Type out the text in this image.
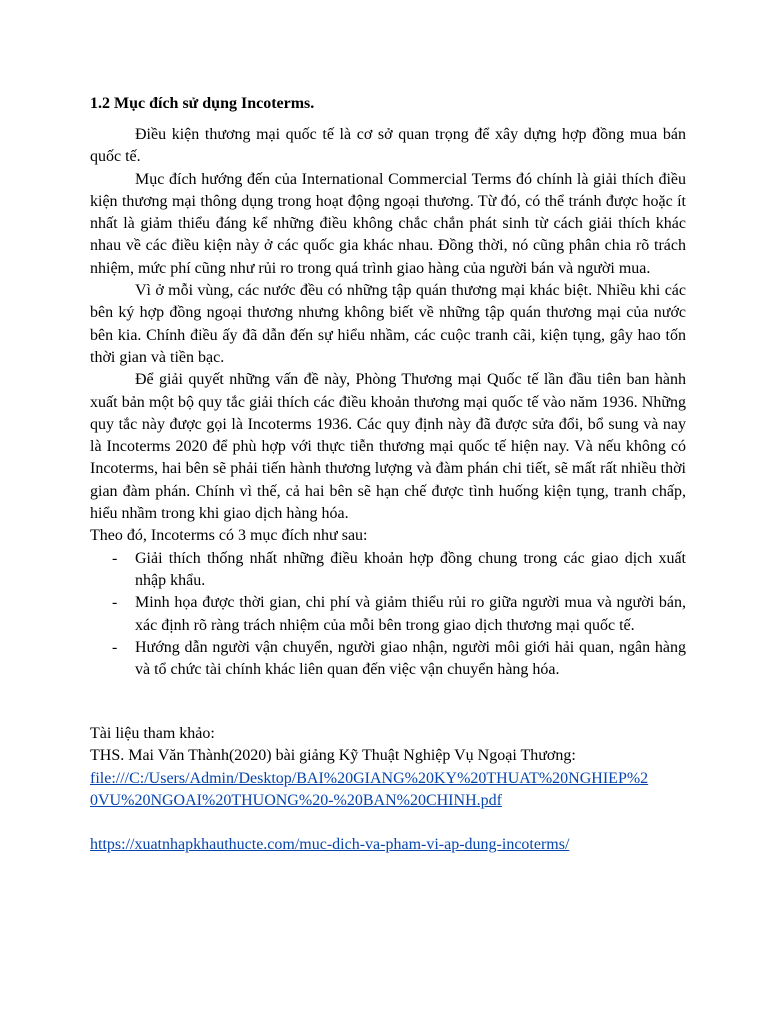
1.2 Mục đích sử dụng Incoterms.

Điều kiện thương mại quốc tế là cơ sở quan trọng để xây dựng hợp đồng mua bán quốc tế.

Mục đích hướng đến của International Commercial Terms đó chính là giải thích điều kiện thương mại thông dụng trong hoạt động ngoại thương. Từ đó, có thể tránh được hoặc ít nhất là giảm thiểu đáng kể những điều không chắc chắn phát sinh từ cách giải thích khác nhau về các điều kiện này ở các quốc gia khác nhau. Đồng thời, nó cũng phân chia rõ trách nhiệm, mức phí cũng như rủi ro trong quá trình giao hàng của người bán và người mua.

Vì ở mỗi vùng, các nước đều có những tập quán thương mại khác biệt. Nhiều khi các bên ký hợp đồng ngoại thương nhưng không biết về những tập quán thương mại của nước bên kia. Chính điều ấy đã dẫn đến sự hiểu nhầm, các cuộc tranh cãi, kiện tụng, gây hao tốn thời gian và tiền bạc.

Để giải quyết những vấn đề này, Phòng Thương mại Quốc tế lần đầu tiên ban hành xuất bản một bộ quy tắc giải thích các điều khoản thương mại quốc tế vào năm 1936. Những quy tắc này được gọi là Incoterms 1936. Các quy định này đã được sửa đổi, bổ sung và nay là Incoterms 2020 để phù hợp với thực tiễn thương mại quốc tế hiện nay. Và nếu không có Incoterms, hai bên sẽ phải tiến hành thương lượng và đàm phán chi tiết, sẽ mất rất nhiều thời gian đàm phán. Chính vì thế, cả hai bên sẽ hạn chế được tình huống kiện tụng, tranh chấp, hiểu nhầm trong khi giao dịch hàng hóa.

Theo đó, Incoterms có 3 mục đích như sau:

- Giải thích thống nhất những điều khoản hợp đồng chung trong các giao dịch xuất nhập khẩu.
- Minh họa được thời gian, chi phí và giảm thiểu rủi ro giữa người mua và người bán, xác định rõ ràng trách nhiệm của mỗi bên trong giao dịch thương mại quốc tế.
- Hướng dẫn người vận chuyển, người giao nhận, người môi giới hải quan, ngân hàng và tổ chức tài chính khác liên quan đến việc vận chuyển hàng hóa.

Tài liệu tham khảo:

THS. Mai Văn Thành(2020) bài giảng Kỹ Thuật Nghiệp Vụ Ngoại Thương:

file:///C:/Users/Admin/Desktop/BAI%20GIANG%20KY%20THUAT%20NGHIEP%20VU%20NGOAI%20THUONG%20-%20BAN%20CHINH.pdf

https://xuatnhapkhauthucte.com/muc-dich-va-pham-vi-ap-dung-incoterms/
